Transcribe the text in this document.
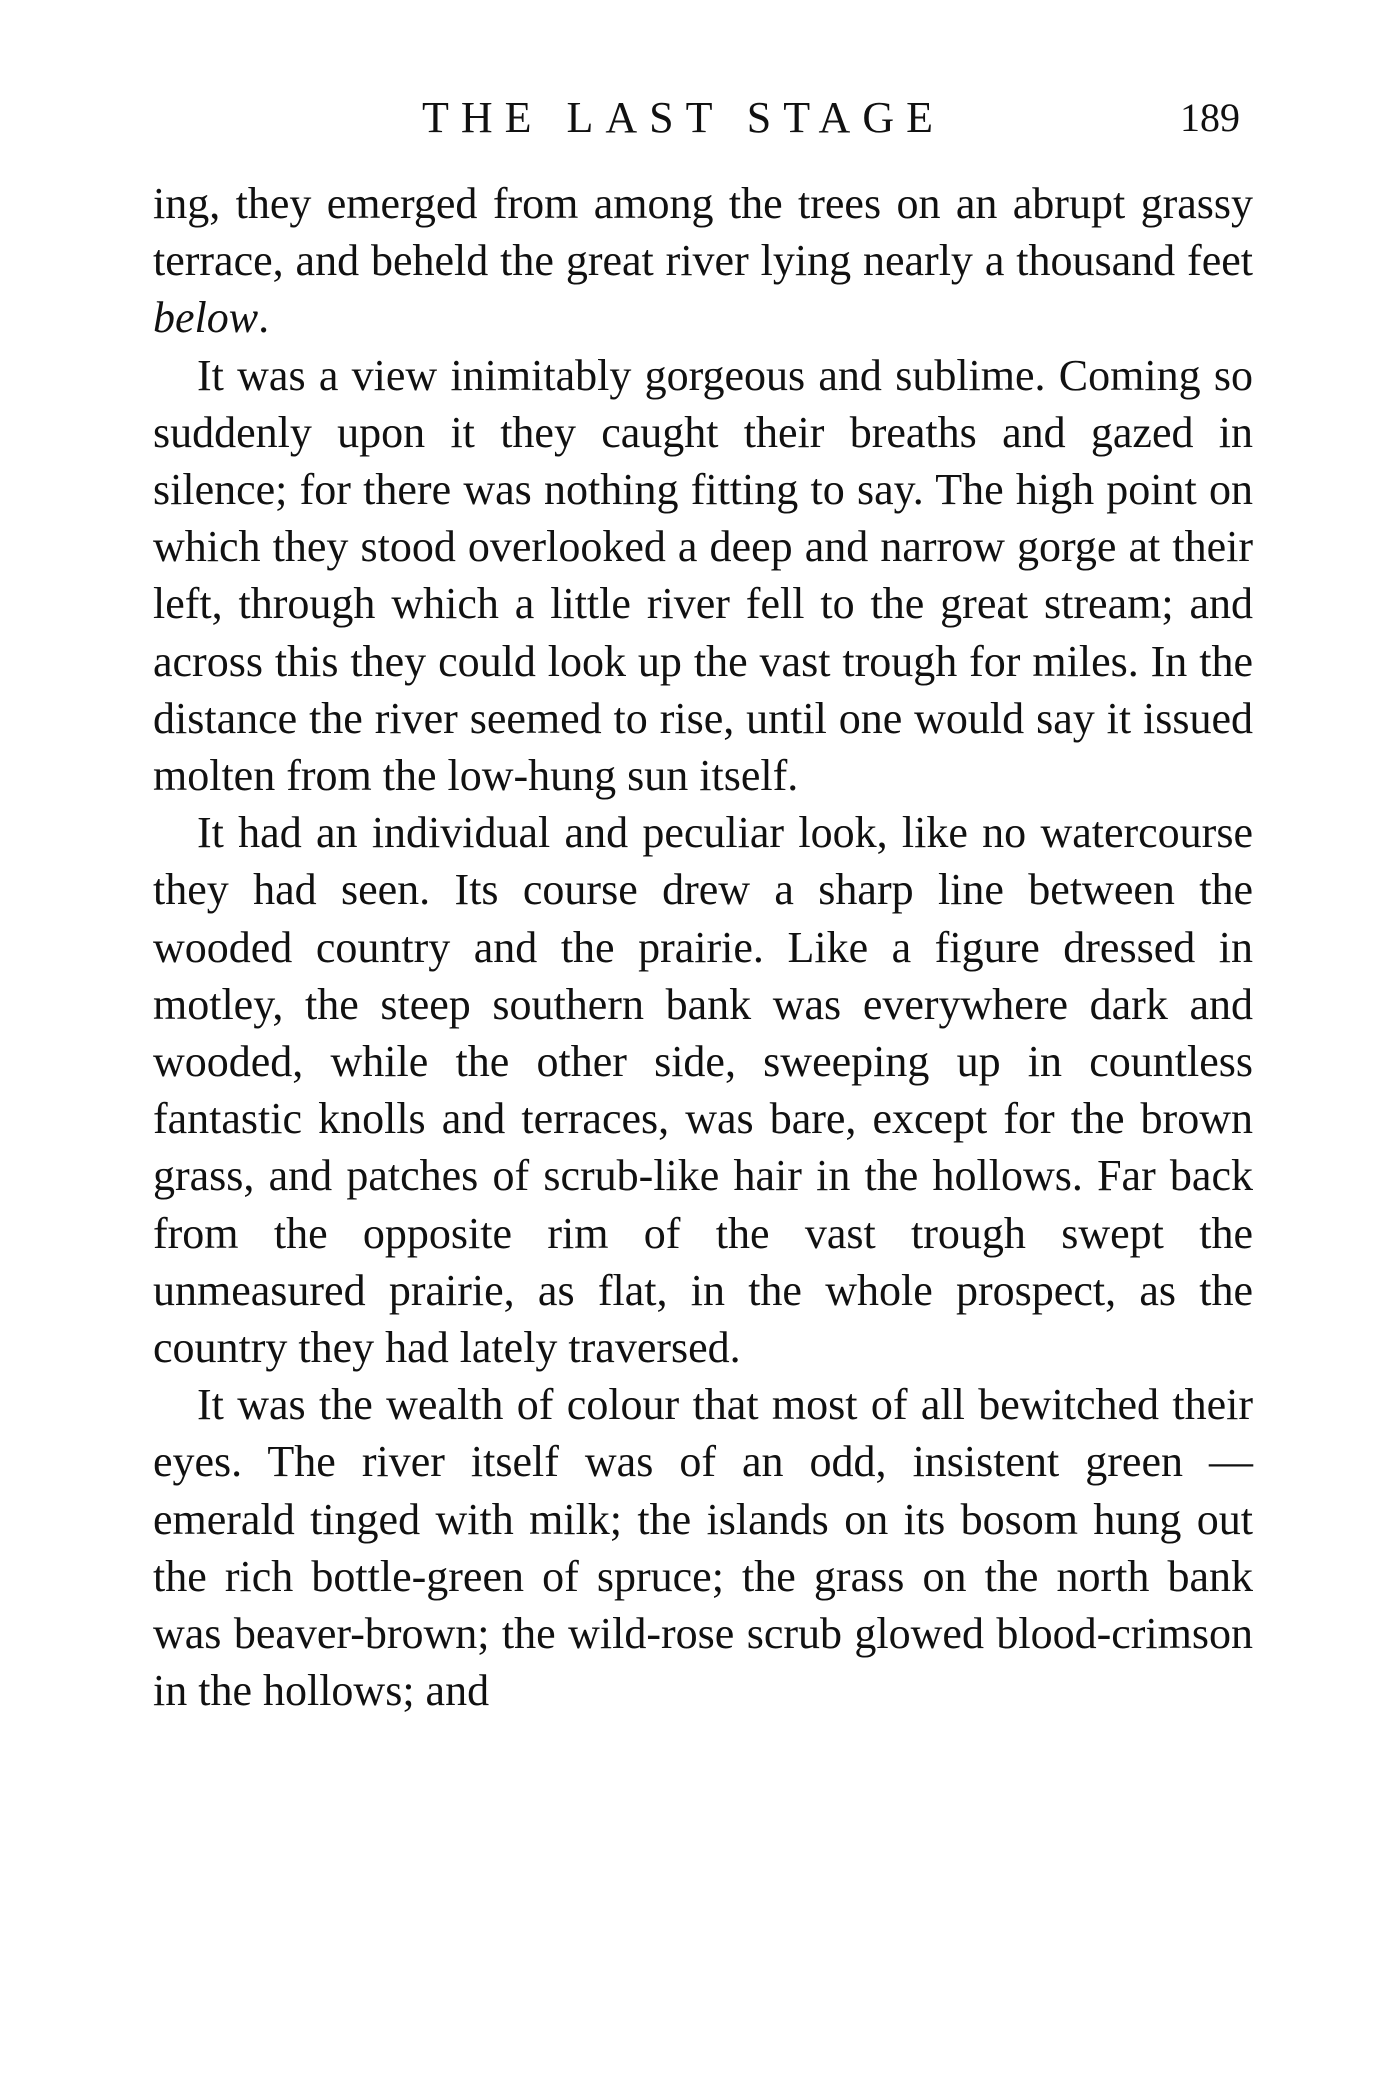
THE LAST STAGE	189

ing, they emerged from among the trees on an abrupt grassy terrace, and beheld the great river lying nearly a thousand feet below.

It was a view inimitably gorgeous and sublime. Coming so suddenly upon it they caught their breaths and gazed in silence; for there was nothing fitting to say. The high point on which they stood overlooked a deep and narrow gorge at their left, through which a little river fell to the great stream; and across this they could look up the vast trough for miles. In the distance the river seemed to rise, until one would say it issued molten from the low-hung sun itself.

It had an individual and peculiar look, like no watercourse they had seen. Its course drew a sharp line between the wooded country and the prairie. Like a figure dressed in motley, the steep southern bank was everywhere dark and wooded, while the other side, sweeping up in countless fantastic knolls and terraces, was bare, except for the brown grass, and patches of scrub-like hair in the hollows. Far back from the opposite rim of the vast trough swept the unmeasured prairie, as flat, in the whole prospect, as the country they had lately traversed.

It was the wealth of colour that most of all bewitched their eyes. The river itself was of an odd, insistent green — emerald tinged with milk; the islands on its bosom hung out the rich bottle-green of spruce; the grass on the north bank was beaver-brown; the wild-rose scrub glowed blood-crimson in the hollows; and
